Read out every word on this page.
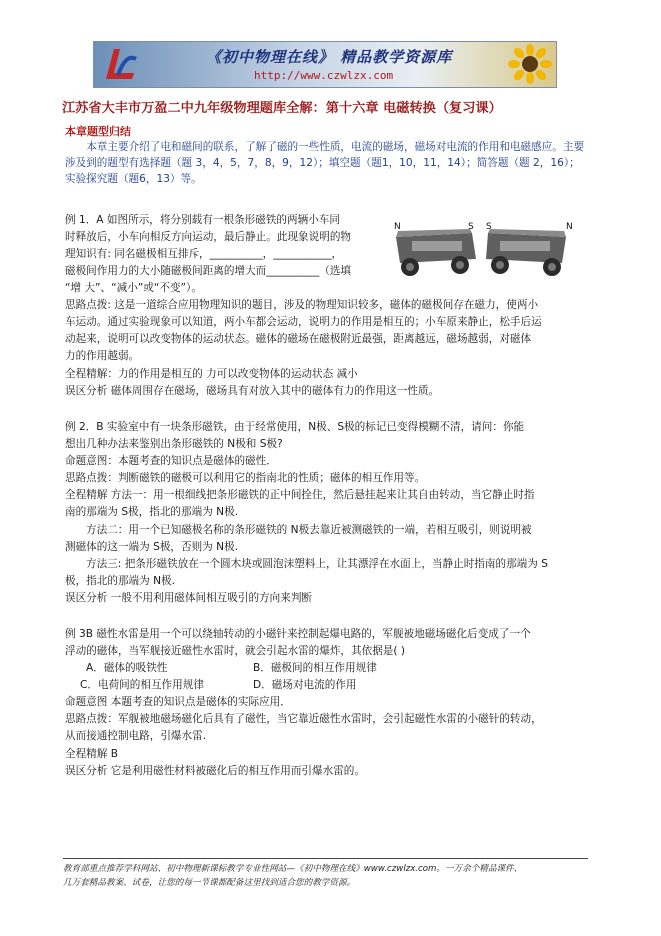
《初中物理在线》 精品教学资源库
http://www.czwlzx.com
江苏省大丰市万盈二中九年级物理题库全解：第十六章 电磁转换（复习课）
本章题型归结
本章主要介绍了电和磁间的联系，了解了磁的一些性质，电流的磁场，磁场对电流的作用和电磁感应。主要涉及到的题型有选择题（题 3，4，5，7，8，9，12）；填空题（题1，10，11，14）；简答题（题 2，16）；实验探究题（题6，13）等。
例 1．A 如图所示，将分别载有一根条形磁铁的两辆小车同
时释放后，小车向相反方向运动，最后静止。此现象说明的物
理知识有: 同名磁极相互排斥，__________，___________，
磁极间作用力的大小随磁极间距离的增大而__________（选填
“增 大”、“减小”或“不变”）。
N	S S	N
思路点拨: 这是一道综合应用物理知识的题目，涉及的物理知识较多，磁体的磁极间存在磁力，使两小
车运动。通过实验现象可以知道，两小车都会运动，说明力的作用是相互的；小车原来静止，松手后运
动起来，说明可以改变物体的运动状态。磁体的磁场在磁极附近最强，距离越远，磁场越弱，对磁体
力的作用越弱。
全程精解：力的作用是相互的 力可以改变物体的运动状态 减小
误区分析 磁体周围存在磁场，磁场具有对放入其中的磁体有力的作用这一性质。
例 2．B 实验室中有一块条形磁铁，由于经常使用，N极、S极的标记已变得模糊不清，请问：你能
想出几种办法来鉴别出条形磁铁的 N极和 S极?
命题意图：本题考查的知识点是磁体的磁性．
思路点拨：判断磁铁的磁极可以利用它的指南北的性质；磁体的相互作用等。
全程精解 方法一：用一根细线把条形磁铁的正中间拴住，然后悬挂起来让其自由转动，当它静止时指
南的那端为 S极，指北的那端为 N极.
方法二：用一个已知磁极名称的条形磁铁的 N极去靠近被测磁铁的一端，若相互吸引，则说明被
测磁体的这一端为 S极，否则为 N极.
方法三: 把条形磁铁放在一个圆木块或圆泡沫塑料上，让其漂浮在水面上，当静止时指南的那端为 S
极，指北的那端为 N极.
误区分析 一般不用利用磁体间相互吸引的方向来判断
例 3B 磁性水雷是用一个可以绕轴转动的小磁针来控制起爆电路的，军舰被地磁场磁化后变成了一个
浮动的磁体，当军舰接近磁性水雷时，就会引起水雷的爆炸，其依据是( )
A．磁体的吸铁性	B．磁极间的相互作用规律
C．电荷间的相互作用规律	D．磁场对电流的作用
命题意图 本题考查的知识点是磁体的实际应用．
思路点拨：军舰被地磁场磁化后具有了磁性，当它靠近磁性水雷时，会引起磁性水雷的小磁针的转动，
从而接通控制电路，引爆水雷.
全程精解 B
误区分析 它是利用磁性材料被磁化后的相互作用而引爆水雷的。
教育部重点推荐学科网站、初中物理新课标教学专业性网站—《初中物理在线》www.czwlzx.com。一万余个精品课件、
几万套精品教案、试卷，让您的每一节课都配备这里找到适合您的教学资源。
